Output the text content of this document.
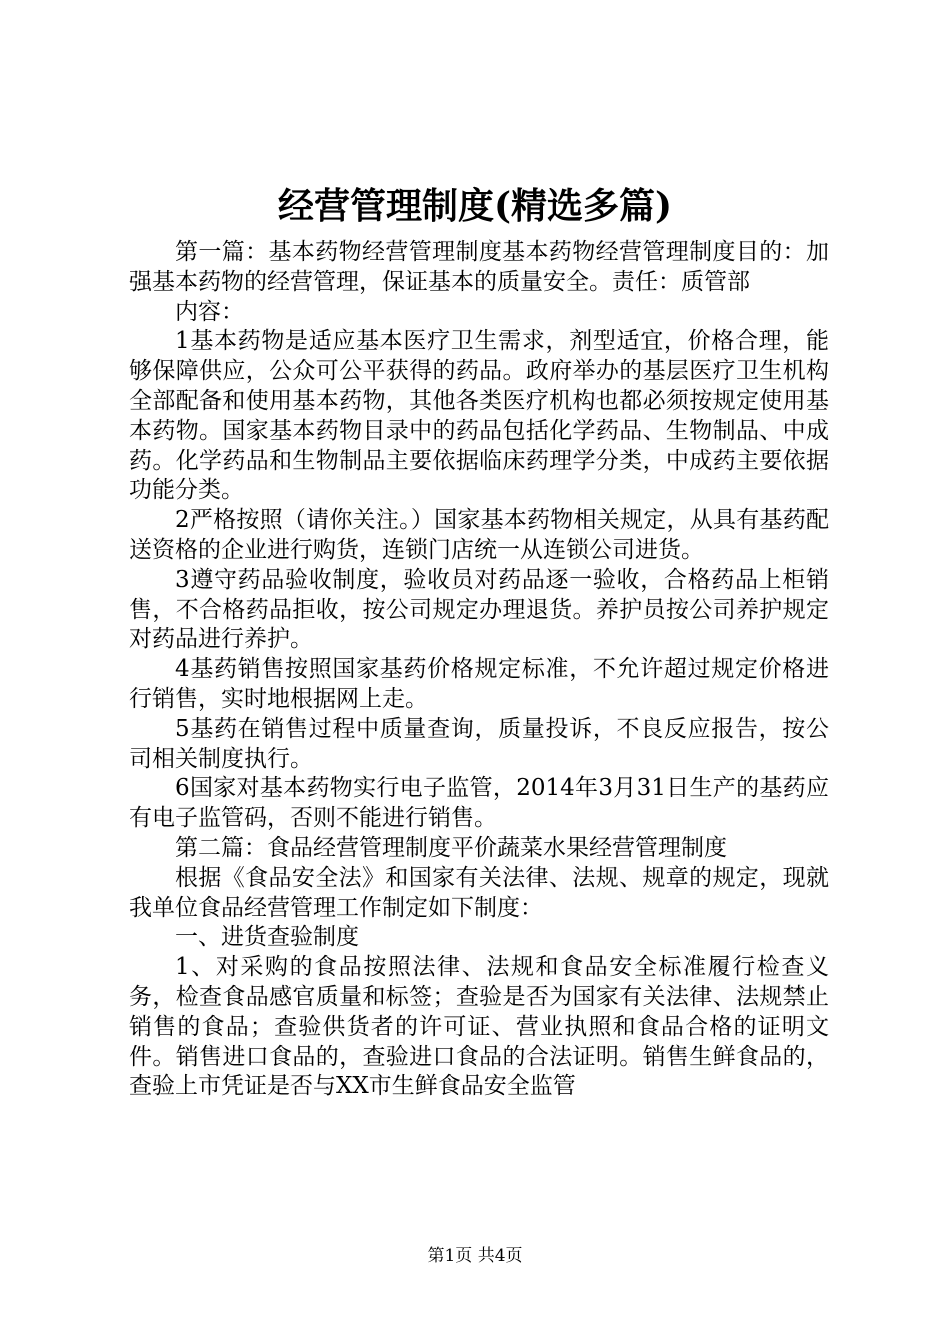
经营管理制度(精选多篇)

第一篇：基本药物经营管理制度基本药物经营管理制度目的：加强基本药物的经营管理，保证基本的质量安全。责任：质管部

内容：

1基本药物是适应基本医疗卫生需求，剂型适宜，价格合理，能够保障供应，公众可公平获得的药品。政府举办的基层医疗卫生机构全部配备和使用基本药物，其他各类医疗机构也都必须按规定使用基本药物。国家基本药物目录中的药品包括化学药品、生物制品、中成药。化学药品和生物制品主要依据临床药理学分类，中成药主要依据功能分类。

2严格按照（请你关注。）国家基本药物相关规定，从具有基药配送资格的企业进行购货，连锁门店统一从连锁公司进货。

3遵守药品验收制度，验收员对药品逐一验收，合格药品上柜销售，不合格药品拒收，按公司规定办理退货。养护员按公司养护规定对药品进行养护。

4基药销售按照国家基药价格规定标准，不允许超过规定价格进行销售，实时地根据网上走。

5基药在销售过程中质量查询，质量投诉，不良反应报告，按公司相关制度执行。

6国家对基本药物实行电子监管，2014年3月31日生产的基药应有电子监管码，否则不能进行销售。

第二篇：食品经营管理制度平价蔬菜水果经营管理制度

根据《食品安全法》和国家有关法律、法规、规章的规定，现就我单位食品经营管理工作制定如下制度：

一、进货查验制度

1、对采购的食品按照法律、法规和食品安全标准履行检查义务，检查食品感官质量和标签；查验是否为国家有关法律、法规禁止销售的食品；查验供货者的许可证、营业执照和食品合格的证明文件。销售进口食品的，查验进口食品的合法证明。销售生鲜食品的，查验上市凭证是否与XX市生鲜食品安全监管

第1页 共4页
